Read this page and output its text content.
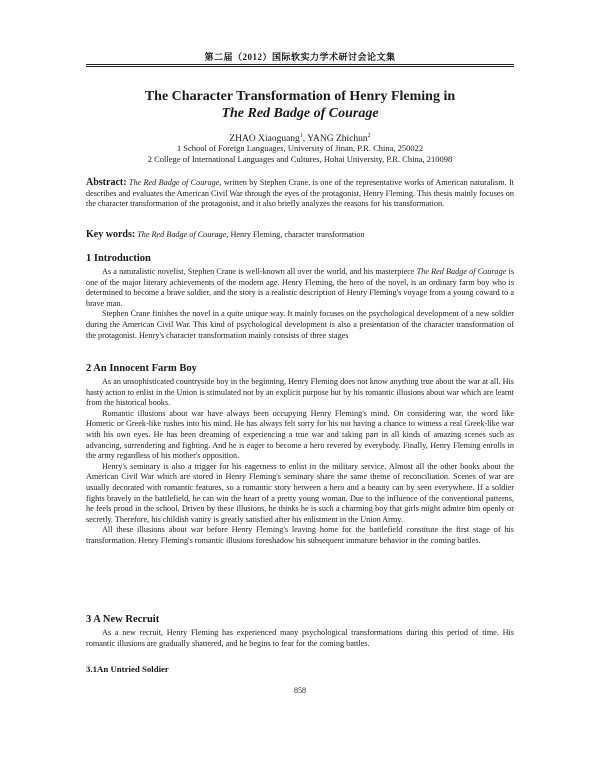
第二届（2012）国际软实力学术研讨会论文集
The Character Transformation of Henry Fleming in
The Red Badge of Courage
ZHAO Xiaoguang$^1$, YANG Zhichun$^2$
1 School of Foreign Languages, University of Jinan, P.R. China, 250022
2 College of International Languages and Cultures, Hohai University, P.R. China, 210098

Abstract: The Red Badge of Courage, written by Stephen Crane, is one of the representative works of American naturalism. It describes and evaluates the American Civil War through the eyes of the protagonist, Henry Fleming. This thesis mainly focuses on the character transformation of the protagonist, and it also briefly analyzes the reasons for his transformation.

Key words: The Red Badge of Courage, Henry Fleming, character transformation

1 Introduction

As a naturalistic novelist, Stephen Crane is well-known all over the world, and his masterpiece The Red Badge of Courage is one of the major literary achievements of the modern age. Henry Fleming, the hero of the novel, is an ordinary farm boy who is determined to become a brave soldier, and the story is a realistic description of Henry Fleming's voyage from a young coward to a brave man.

Stephen Crane finishes the novel in a quite unique way. It mainly focuses on the psychological development of a new soldier during the American Civil War. This kind of psychological development is also a presentation of the character transformation of the protagonist. Henry's character transformation mainly consists of three stages

2 An Innocent Farm Boy

As an unsophisticated countryside boy in the beginning, Henry Fleming does not know anything true about the war at all. His hasty action to enlist in the Union is stimulated not by an explicit purpose but by his romantic illusions about war which are learnt from the historical books.

Romantic illusions about war have always been occupying Henry Fleming's mind. On considering war, the word like Homeric or Greek-like rushes into his mind. He has always felt sorry for his not having a chance to witness a real Greek-like war with his own eyes. He has been dreaming of experiencing a true war and taking part in all kinds of amazing scenes such as advancing, surrendering and fighting. And he is eager to become a hero revered by everybody. Finally, Henry Fleming enrolls in the army regardless of his mother's opposition.

Henry's seminary is also a trigger for his eagerness to enlist in the military service. Almost all the other books about the American Civil War which are stored in Henry Fleming's seminary share the same theme of reconciliation. Scenes of war are usually decorated with romantic features, so a romantic story between a hero and a beauty can by seen everywhere. If a soldier fights bravely in the battlefield, he can win the heart of a pretty young woman. Due to the influence of the conventional patterns, he feels proud in the school. Driven by these illusions, he thinks he is such a charming boy that girls might admire him openly or secretly. Therefore, his childish vanity is greatly satisfied after his enlistment in the Union Army.

All these illusions about war before Henry Fleming's leaving home for the battlefield constitute the first stage of his transformation. Henry Fleming's romantic illusions foreshadow his subsequent immature behavior in the coming battles.

3 A New Recruit

As a new recruit, Henry Fleming has experienced many psychological transformations during this period of time. His romantic illusions are gradually shattered, and he begins to fear for the coming battles.

3.1An Untried Soldier
858
